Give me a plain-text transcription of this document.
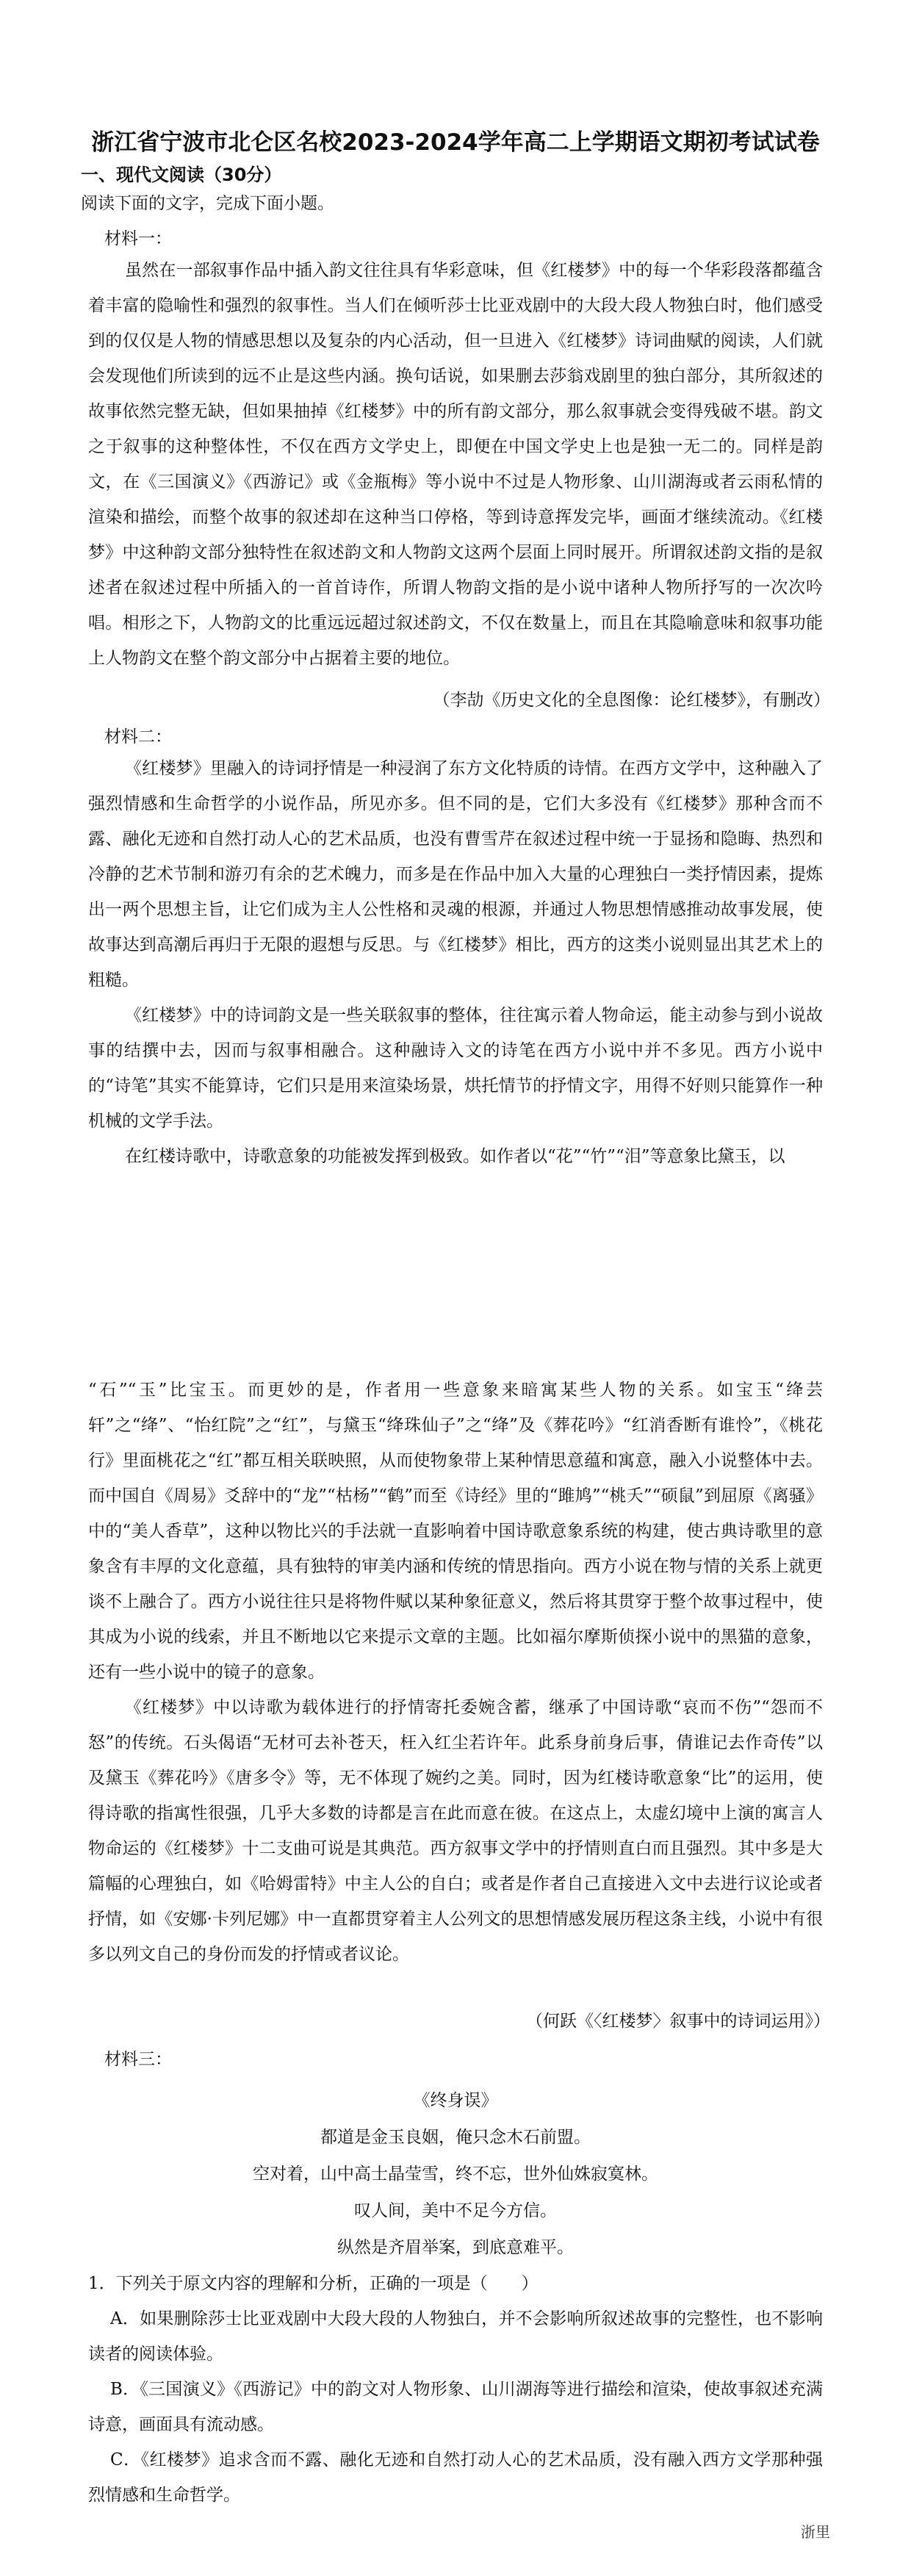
浙江省宁波市北仑区名校2023-2024学年高二上学期语文期初考试试卷
一、现代文阅读（30分）
阅读下面的文字，完成下面小题。
材料一：

虽然在一部叙事作品中插入韵文往往具有华彩意味，但《红楼梦》中的每一个华彩段落都蕴含着丰富的隐喻性和强烈的叙事性。当人们在倾听莎士比亚戏剧中的大段大段人物独白时，他们感受到的仅仅是人物的情感思想以及复杂的内心活动，但一旦进入《红楼梦》诗词曲赋的阅读，人们就会发现他们所读到的远不止是这些内涵。换句话说，如果删去莎翁戏剧里的独白部分，其所叙述的故事依然完整无缺，但如果抽掉《红楼梦》中的所有韵文部分，那么叙事就会变得残破不堪。韵文之于叙事的这种整体性，不仅在西方文学史上，即便在中国文学史上也是独一无二的。同样是韵文，在《三国演义》《西游记》或《金瓶梅》等小说中不过是人物形象、山川湖海或者云雨私情的渲染和描绘，而整个故事的叙述却在这种当口停格，等到诗意挥发完毕，画面才继续流动。《红楼梦》中这种韵文部分独特性在叙述韵文和人物韵文这两个层面上同时展开。所谓叙述韵文指的是叙述者在叙述过程中所插入的一首首诗作，所谓人物韵文指的是小说中诸种人物所抒写的一次次吟唱。相形之下，人物韵文的比重远远超过叙述韵文，不仅在数量上，而且在其隐喻意味和叙事功能上人物韵文在整个韵文部分中占据着主要的地位。

（李劼《历史文化的全息图像：论红楼梦》，有删改）
材料二：

《红楼梦》里融入的诗词抒情是一种浸润了东方文化特质的诗情。在西方文学中，这种融入了强烈情感和生命哲学的小说作品，所见亦多。但不同的是，它们大多没有《红楼梦》那种含而不露、融化无迹和自然打动人心的艺术品质，也没有曹雪芹在叙述过程中统一于显扬和隐晦、热烈和冷静的艺术节制和游刃有余的艺术魄力，而多是在作品中加入大量的心理独白一类抒情因素，提炼出一两个思想主旨，让它们成为主人公性格和灵魂的根源，并通过人物思想情感推动故事发展，使故事达到高潮后再归于无限的遐想与反思。与《红楼梦》相比，西方的这类小说则显出其艺术上的粗糙。

《红楼梦》中的诗词韵文是一些关联叙事的整体，往往寓示着人物命运，能主动参与到小说故事的结撰中去，因而与叙事相融合。这种融诗入文的诗笔在西方小说中并不多见。西方小说中的“诗笔”其实不能算诗，它们只是用来渲染场景，烘托情节的抒情文字，用得不好则只能算作一种机械的文学手法。

在红楼诗歌中，诗歌意象的功能被发挥到极致。如作者以“花”“竹”“泪”等意象比黛玉，以

“石”“玉”比宝玉。而更妙的是，作者用一些意象来暗寓某些人物的关系。如宝玉“绛芸轩”之“绛”、“怡红院”之“红”，与黛玉“绛珠仙子”之“绛”及《葬花吟》“红消香断有谁怜”，《桃花行》里面桃花之“红”都互相关联映照，从而使物象带上某种情思意蕴和寓意，融入小说整体中去。而中国自《周易》爻辞中的“龙”“枯杨”“鹤”而至《诗经》里的“雎鸠”“桃夭”“硕鼠”到屈原《离骚》中的“美人香草”，这种以物比兴的手法就一直影响着中国诗歌意象系统的构建，使古典诗歌里的意象含有丰厚的文化意蕴，具有独特的审美内涵和传统的情思指向。西方小说在物与情的关系上就更谈不上融合了。西方小说往往只是将物件赋以某种象征意义，然后将其贯穿于整个故事过程中，使其成为小说的线索，并且不断地以它来提示文章的主题。比如福尔摩斯侦探小说中的黑猫的意象，还有一些小说中的镜子的意象。

《红楼梦》中以诗歌为载体进行的抒情寄托委婉含蓄，继承了中国诗歌“哀而不伤”“怨而不怒”的传统。石头偈语“无材可去补苍天，枉入红尘若许年。此系身前身后事，倩谁记去作奇传”以及黛玉《葬花吟》《唐多令》等，无不体现了婉约之美。同时，因为红楼诗歌意象“比”的运用，使得诗歌的指寓性很强，几乎大多数的诗都是言在此而意在彼。在这点上，太虚幻境中上演的寓言人物命运的《红楼梦》十二支曲可说是其典范。西方叙事文学中的抒情则直白而且强烈。其中多是大篇幅的心理独白，如《哈姆雷特》中主人公的自白；或者是作者自己直接进入文中去进行议论或者抒情，如《安娜·卡列尼娜》中一直都贯穿着主人公列文的思想情感发展历程这条主线，小说中有很多以列文自己的身份而发的抒情或者议论。

（何跃《〈红楼梦〉叙事中的诗词运用》）
材料三：
《终身误》
都道是金玉良姻，俺只念木石前盟。
空对着，山中高士晶莹雪，终不忘，世外仙姝寂寞林。
叹人间，美中不足今方信。
纵然是齐眉举案，到底意难平。
1．下列关于原文内容的理解和分析，正确的一项是（　　）
A．如果删除莎士比亚戏剧中大段大段的人物独白，并不会影响所叙述故事的完整性，也不影响读者的阅读体验。
B．《三国演义》《西游记》中的韵文对人物形象、山川湖海等进行描绘和渲染，使故事叙述充满诗意，画面具有流动感。
C．《红楼梦》追求含而不露、融化无迹和自然打动人心的艺术品质，没有融入西方文学那种强烈情感和生命哲学。
浙里
